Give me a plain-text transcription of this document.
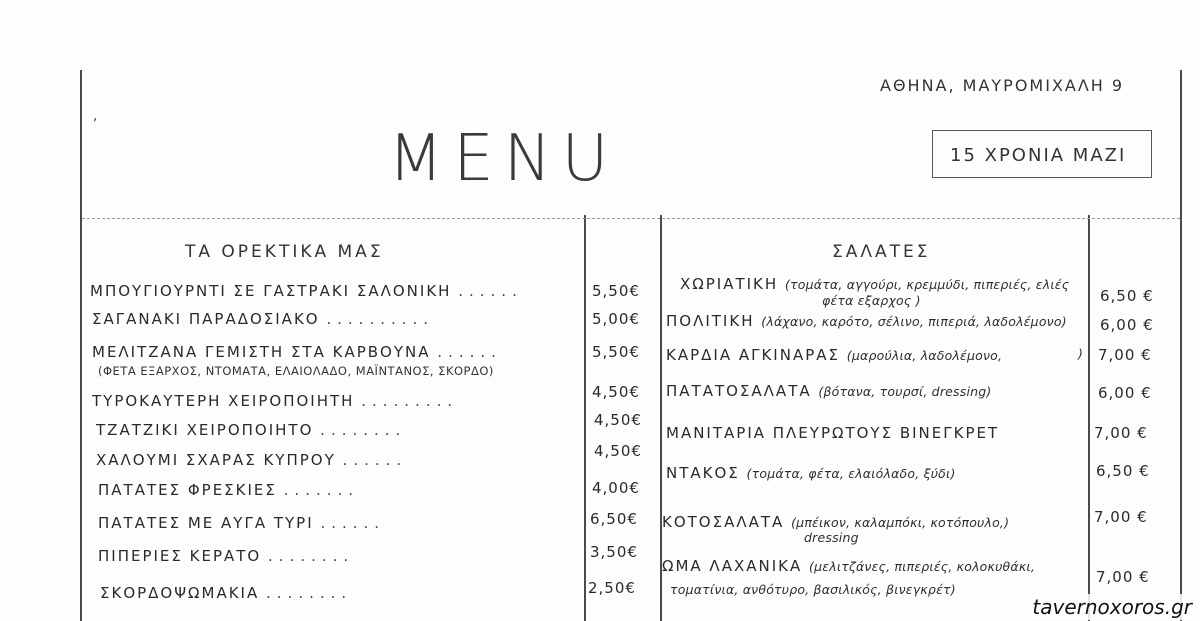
,
ΑΘΗΝΑ, ΜΑΥΡΟΜΙΧΑΛΗ 9
MENU	15 ΧΡΟΝΙΑ ΜΑΖΙ
ΤΑ ΟΡΕΚΤΙΚΑ ΜΑΣ
ΜΠΟΥΓΙΟΥΡΝΤΙ ΣΕ ΓΑΣΤΡΑΚΙ ΣΑΛΟΝΙΚΗ ......	5,50€
ΣΑΓΑΝΑΚΙ ΠΑΡΑΔΟΣΙΑΚΟ ..........	5,00€
ΜΕΛΙΤΖΑΝΑ ΓΕΜΙΣΤΗ ΣΤΑ ΚΑΡΒΟΥΝΑ ......
(ΦΕΤΑ ΕΞΑΡΧΟΣ, ΝΤΟΜΑΤΑ, ΕΛΑΙΟΛΑΔΟ, ΜΑΪΝΤΑΝΟΣ, ΣΚΟΡΔΟ)
5,50€
ΤΥΡΟΚΑΥΤΕΡΗ ΧΕΙΡΟΠΟΙΗΤΗ .........	4,50€
ΤΖΑΤΖΙΚΙ ΧΕΙΡΟΠΟΙΗΤΟ ........
4,50€
ΧΑΛΟΥΜΙ ΣΧΑΡΑΣ ΚΥΠΡΟΥ ......	4,50€
ΠΑΤΑΤΕΣ ΦΡΕΣΚΙΕΣ .......	4,00€
ΠΑΤΑΤΕΣ ΜΕ ΑΥΓΑ ΤΥΡΙ ......	6,50€
ΠΙΠΕΡΙΕΣ ΚΕΡΑΤΟ ........	3,50€
ΣΚΟΡΔΟΨΩΜΑΚΙΑ ........	2,50€
ΣΑΛΑΤΕΣ
ΧΩΡΙΑΤΙΚΗ (τομάτα, αγγούρι, κρεμμύδι, πιπεριές, ελιές
φέτα εξαρχος )	6,50 €
ΠΟΛΙΤΙΚΗ (λάχανο, καρότο, σέλινο, πιπεριά, λαδολέμονο) 6,00 €
ΚΑΡΔΙΑ ΑΓΚΙΝΑΡΑΣ (μαρούλια, λαδολέμονο,	) 7,00 €
ΠΑΤΑΤΟΣΑΛΑΤΑ (βότανα, τουρσί, dressing)	6,00 €
ΜΑΝΙΤΑΡΙΑ ΠΛΕΥΡΩΤΟΥΣ ΒΙΝΕΓΚΡΕΤ	7,00 €
ΝΤΑΚΟΣ (τομάτα, φέτα, ελαιόλαδο, ξύδι)	6,50 €
ΚΟΤΟΣΑΛΑΤΑ (μπέικον, καλαμπόκι, κοτόπουλο,)
dressing
7,00 €
ΩΜΑ ΛΑΧΑΝΙΚΑ (μελιτζάνες, πιπεριές, κολοκυθάκι,
τοματίνια, ανθότυρο, βασιλικός, βινεγκρέτ)
7,00 €
tavernoxoros.gr
